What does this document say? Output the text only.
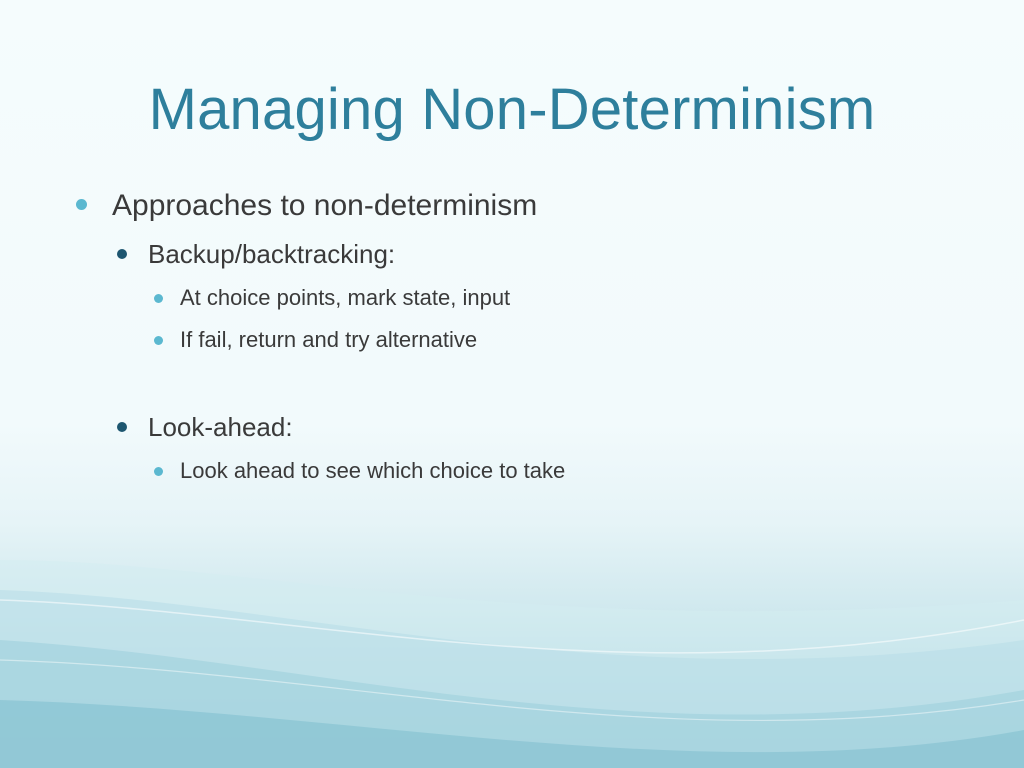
Managing Non-Determinism
Approaches to non-determinism
Backup/backtracking:
At choice points, mark state, input
If fail, return and try alternative
Look-ahead:
Look ahead to see which choice to take
